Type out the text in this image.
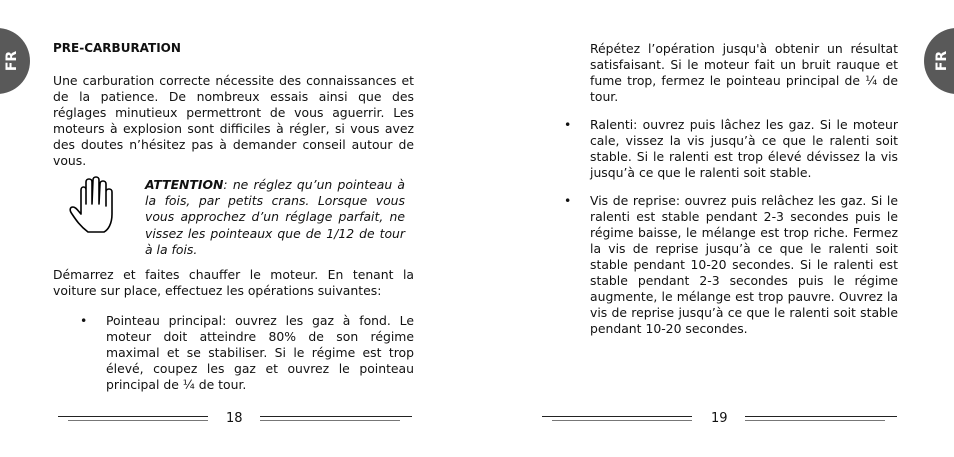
FR
PRE-CARBURATION
Une carburation correcte nécessite des connaissances et de la patience. De nombreux essais ainsi que des réglages minutieux permettront de vous aguerrir. Les moteurs à explosion sont difficiles à régler, si vous avez des doutes n’hésitez pas à demander conseil autour de vous.
ATTENTION: ne réglez qu’un pointeau à la fois, par petits crans. Lorsque vous vous approchez d’un réglage parfait, ne vissez les pointeaux que de 1/12 de tour à la fois.
Démarrez et faites chauffer le moteur. En tenant la voiture sur place, effectuez les opérations suivantes:
• Pointeau principal: ouvrez les gaz à fond. Le moteur doit atteindre 80% de son régime maximal et se stabiliser. Si le régime est trop élevé, coupez les gaz et ouvrez le pointeau principal de ¼ de tour.
18
FR
Répétez l’opération jusqu'à obtenir un résultat satisfaisant. Si le moteur fait un bruit rauque et fume trop, fermez le pointeau principal de ¼ de tour.
• Ralenti: ouvrez puis lâchez les gaz. Si le moteur cale, vissez la vis jusqu’à ce que le ralenti soit stable. Si le ralenti est trop élevé dévissez la vis jusqu’à ce que le ralenti soit stable.
• Vis de reprise: ouvrez puis relâchez les gaz. Si le ralenti est stable pendant 2-3 secondes puis le régime baisse, le mélange est trop riche. Fermez la vis de reprise jusqu’à ce que le ralenti soit stable pendant 10-20 secondes. Si le ralenti est stable pendant 2-3 secondes puis le régime augmente, le mélange est trop pauvre. Ouvrez la vis de reprise jusqu’à ce que le ralenti soit stable pendant 10-20 secondes.
19
